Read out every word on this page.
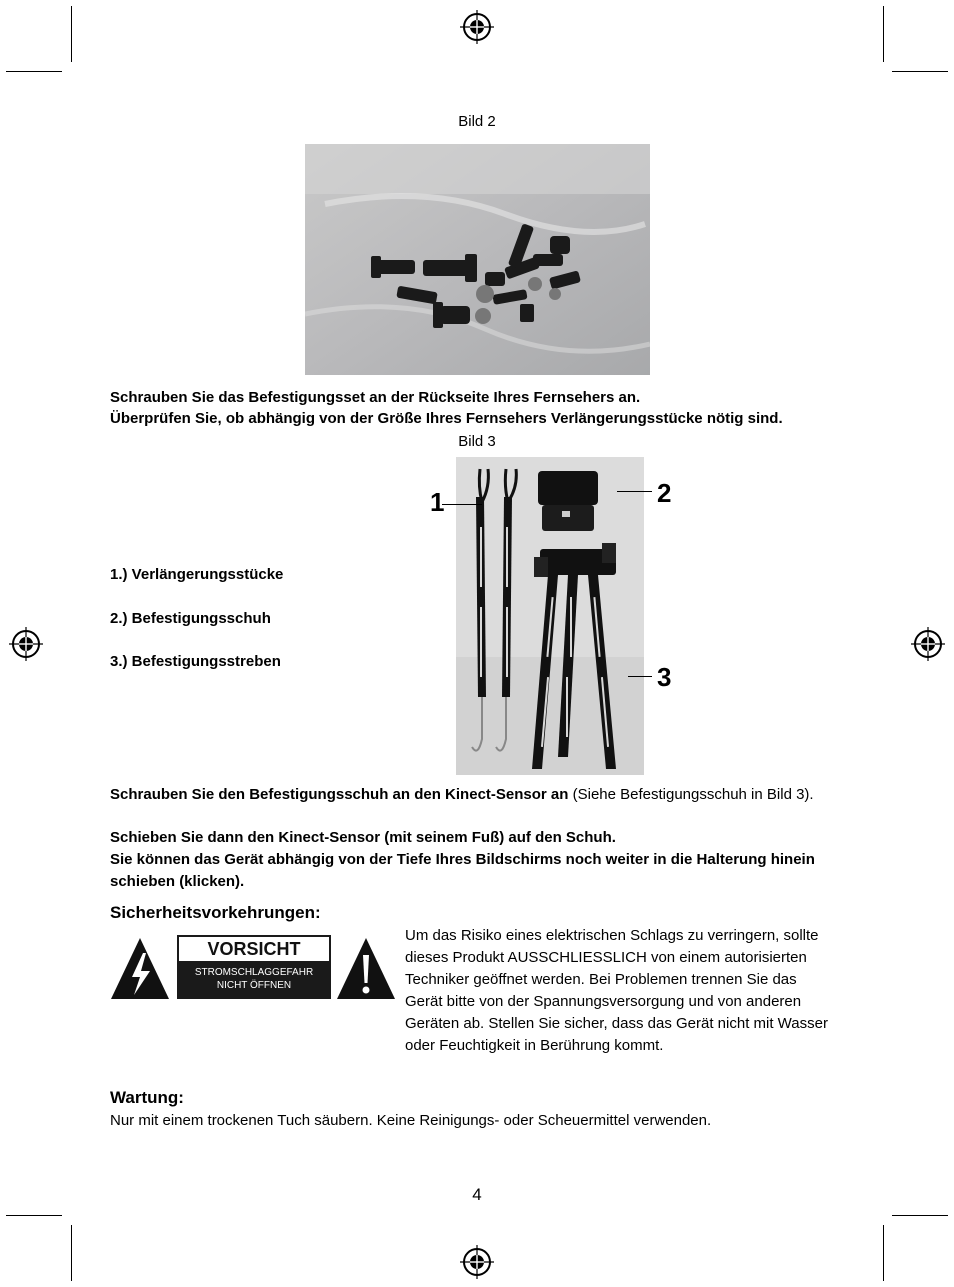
Bild 2
Schrauben Sie das Befestigungsset an der Rückseite Ihres Fernsehers an.
Überprüfen Sie, ob abhängig von der Größe Ihres Fernsehers Verlängerungsstücke nötig sind.
Bild 3
1	2
3
1.) Verlängerungsstücke
2.) Befestigungsschuh
3.) Befestigungsstreben
Schrauben Sie den Befestigungsschuh an den Kinect-Sensor an (Siehe Befestigungsschuh in Bild 3).
Schieben Sie dann den Kinect-Sensor (mit seinem Fuß) auf den Schuh.
Sie können das Gerät abhängig von der Tiefe Ihres Bildschirms noch weiter in die Halterung hinein schieben (klicken).
Sicherheitsvorkehrungen:
VORSICHT
STROMSCHLAGGEFAHR
NICHT ÖFFNEN
Um das Risiko eines elektrischen Schlags zu verringern, sollte dieses Produkt AUSSCHLIESSLICH von einem autorisierten Techniker geöffnet werden. Bei Problemen trennen Sie das Gerät bitte von der Spannungsversorgung und von anderen Geräten ab. Stellen Sie sicher, dass das Gerät nicht mit Wasser oder Feuchtigkeit in Berührung kommt.
Wartung:
Nur mit einem trockenen Tuch säubern. Keine Reinigungs- oder Scheuermittel verwenden.
4
